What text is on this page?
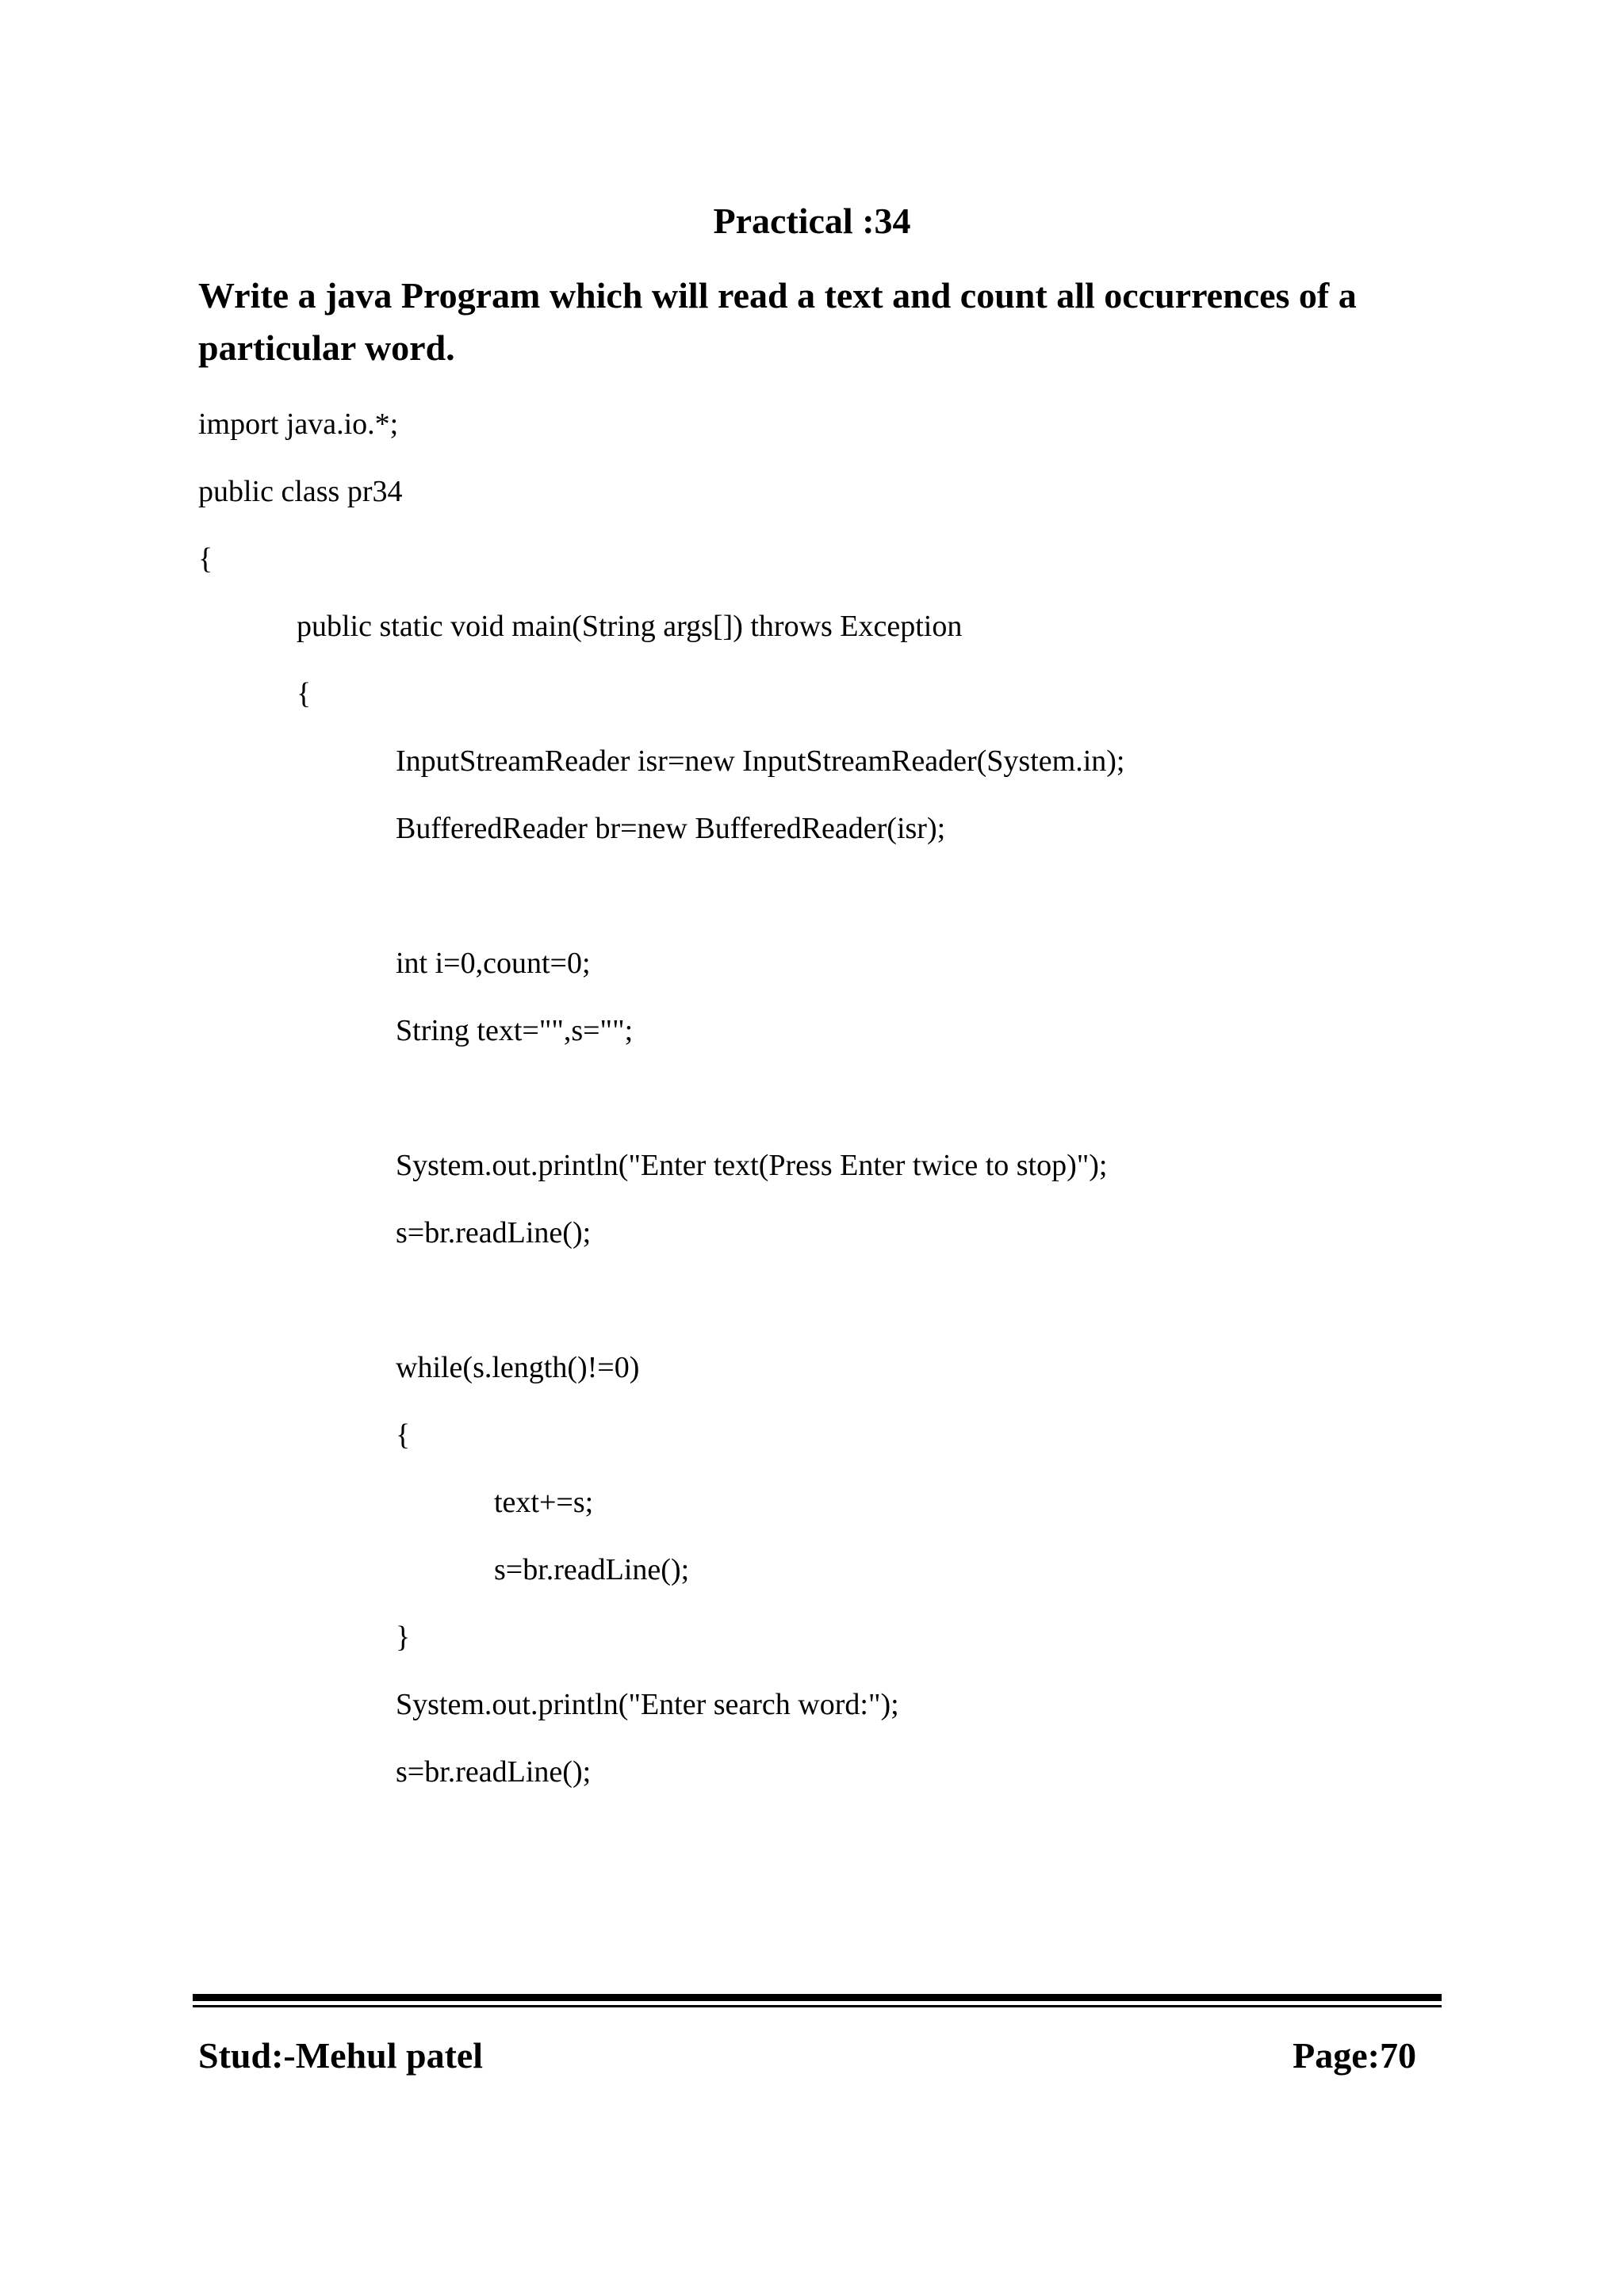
Practical :34
Write a java Program which will read a text and count all occurrences of a particular word.
import java.io.*;
public class pr34
{
public static void main(String args[]) throws Exception
{
InputStreamReader isr=new InputStreamReader(System.in);
BufferedReader br=new BufferedReader(isr);
int i=0,count=0;
String text="",s="";
System.out.println("Enter text(Press Enter twice to stop)");
s=br.readLine();
while(s.length()!=0)
{
text+=s;
s=br.readLine();
}
System.out.println("Enter search word:");
s=br.readLine();
Stud:-Mehul patel	Page:70
